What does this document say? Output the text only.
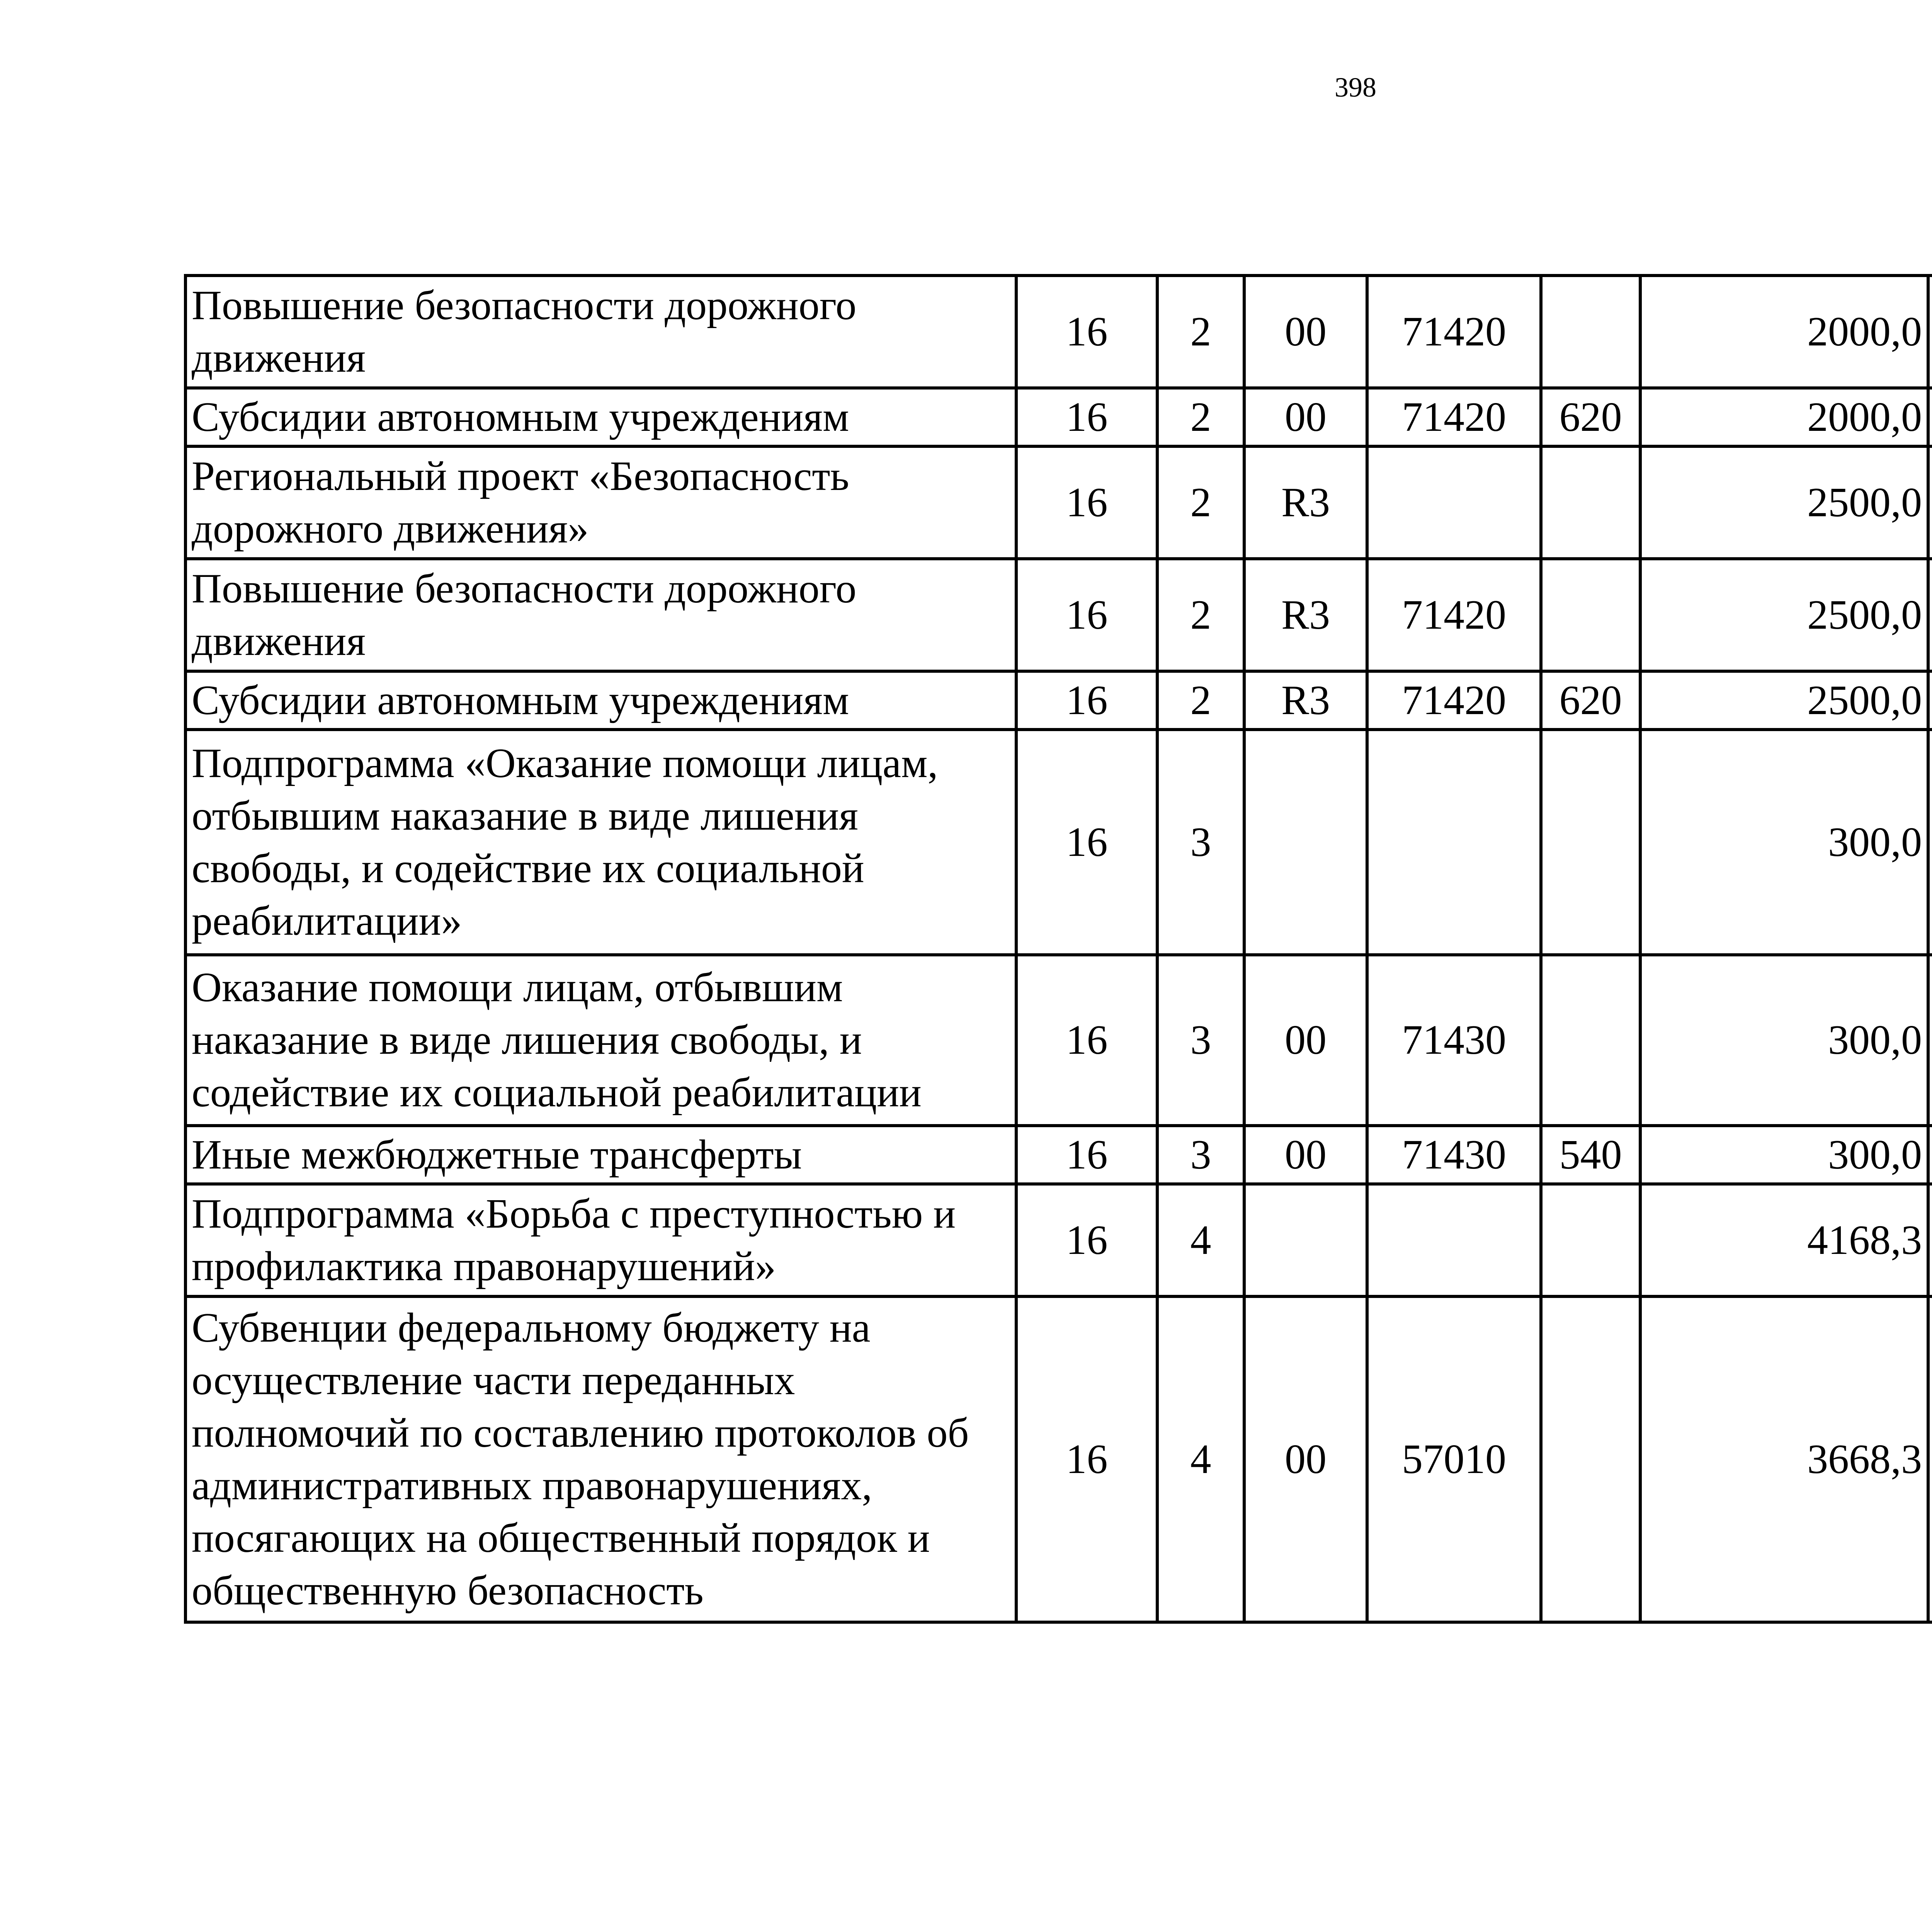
398
Повышение безопасности дорожного движения	16	2	00	71420		2000,0		
Субсидии автономным учреждениям	16	2	00	71420	620	2000,0		
Региональный проект «Безопасность дорожного движения»	16	2	R3			2500,0		
Повышение безопасности дорожного движения	16	2	R3	71420		2500,0		
Субсидии автономным учреждениям	16	2	R3	71420	620	2500,0		
Подпрограмма «Оказание помощи лицам, отбывшим наказание в виде лишения свободы, и содействие их социальной реабилитации»	16	3				300,0		
Оказание помощи лицам, отбывшим наказание в виде лишения свободы, и содействие их социальной реабилитации	16	3	00	71430		300,0		
Иные межбюджетные трансферты	16	3	00	71430	540	300,0		
Подпрограмма «Борьба с преступностью и профилактика правонарушений»	16	4				4168,3		
Субвенции федеральному бюджету на осуществление части переданных полномочий по составлению протоколов об административных правонарушениях, посягающих на общественный порядок и общественную безопасность	16	4	00	57010		3668,3		
